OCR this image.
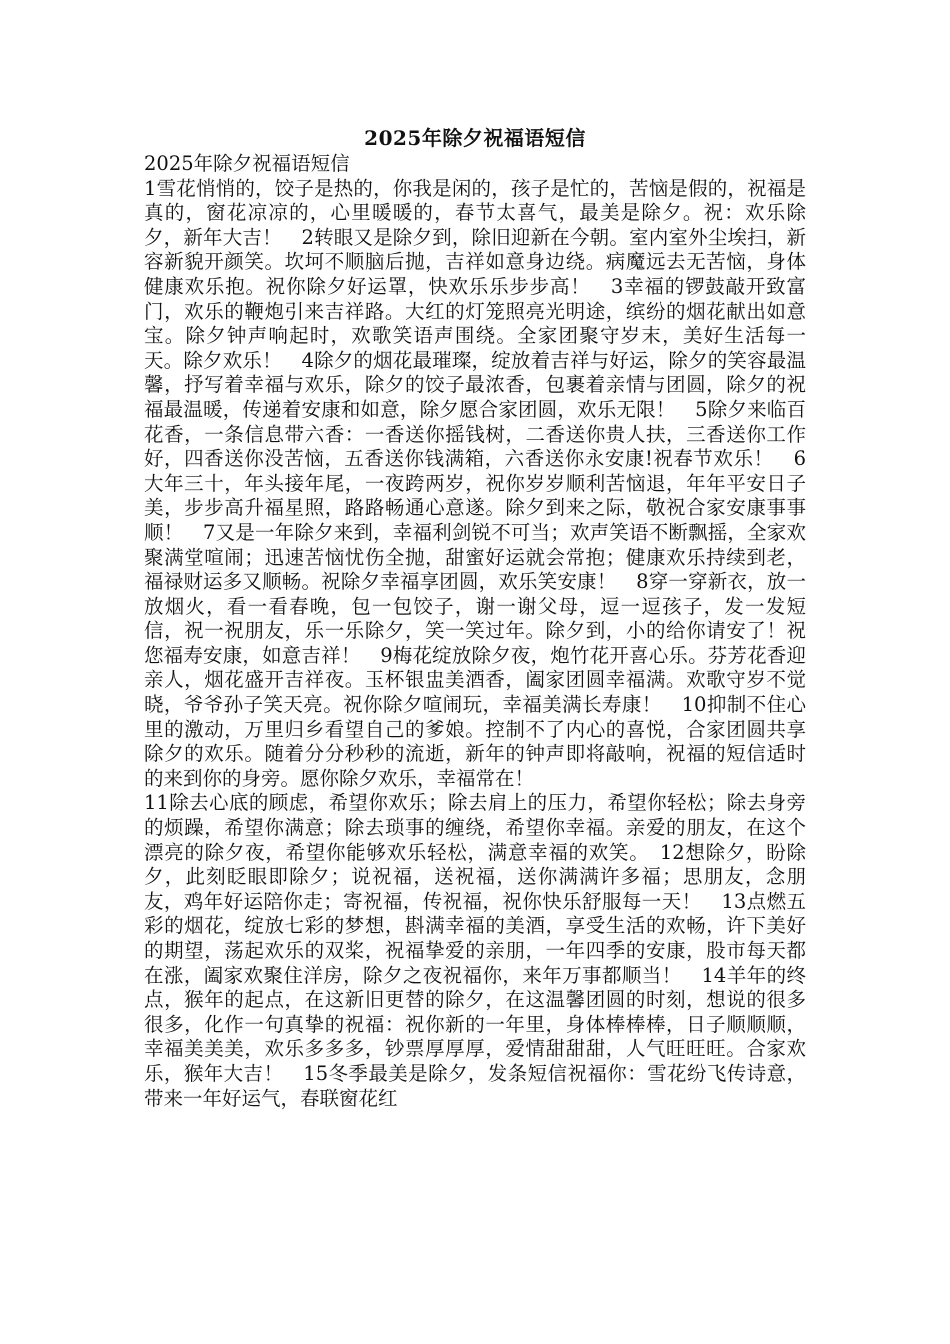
2025年除夕祝福语短信

2025年除夕祝福语短信

1雪花悄悄的，饺子是热的，你我是闲的，孩子是忙的，苦恼是假的，祝福是真的，窗花凉凉的，心里暖暖的，春节太喜气，最美是除夕。祝：欢乐除夕，新年大吉！　2转眼又是除夕到，除旧迎新在今朝。室内室外尘埃扫，新容新貌开颜笑。坎坷不顺脑后抛，吉祥如意身边绕。病魔远去无苦恼，身体健康欢乐抱。祝你除夕好运罩，快欢乐乐步步高！　3幸福的锣鼓敲开致富门，欢乐的鞭炮引来吉祥路。大红的灯笼照亮光明途，缤纷的烟花献出如意宝。除夕钟声响起时，欢歌笑语声围绕。全家团聚守岁末，美好生活每一天。除夕欢乐！　4除夕的烟花最璀璨，绽放着吉祥与好运，除夕的笑容最温馨，抒写着幸福与欢乐，除夕的饺子最浓香，包裹着亲情与团圆，除夕的祝福最温暖，传递着安康和如意，除夕愿合家团圆，欢乐无限！　5除夕来临百花香，一条信息带六香：一香送你摇钱树，二香送你贵人扶，三香送你工作好，四香送你没苦恼，五香送你钱满箱，六香送你永安康!祝春节欢乐！　6大年三十，年头接年尾，一夜跨两岁，祝你岁岁顺利苦恼退，年年平安日子美，步步高升福星照，路路畅通心意遂。除夕到来之际，敬祝合家安康事事顺！　7又是一年除夕来到，幸福利剑锐不可当；欢声笑语不断飘摇，全家欢聚满堂喧闹；迅速苦恼忧伤全抛，甜蜜好运就会常抱；健康欢乐持续到老，福禄财运多又顺畅。祝除夕幸福享团圆，欢乐笑安康！　8穿一穿新衣，放一放烟火，看一看春晚，包一包饺子，谢一谢父母，逗一逗孩子，发一发短信，祝一祝朋友，乐一乐除夕，笑一笑过年。除夕到，小的给你请安了！祝您福寿安康，如意吉祥！　9梅花绽放除夕夜，炮竹花开喜心乐。芬芳花香迎亲人，烟花盛开吉祥夜。玉杯银盅美酒香，阖家团圆幸福满。欢歌守岁不觉晓，爷爷孙子笑天亮。祝你除夕喧闹玩，幸福美满长寿康！　10抑制不住心里的激动，万里归乡看望自己的爹娘。控制不了内心的喜悦，合家团圆共享除夕的欢乐。随着分分秒秒的流逝，新年的钟声即将敲响，祝福的短信适时的来到你的身旁。愿你除夕欢乐，幸福常在！

11除去心底的顾虑，希望你欢乐；除去肩上的压力，希望你轻松；除去身旁的烦躁，希望你满意；除去琐事的缠绕，希望你幸福。亲爱的朋友，在这个漂亮的除夕夜，希望你能够欢乐轻松，满意幸福的欢笑。　12想除夕，盼除夕，此刻眨眼即除夕；说祝福，送祝福，送你满满许多福；思朋友，念朋友，鸡年好运陪你走；寄祝福，传祝福，祝你快乐舒服每一天！　13点燃五彩的烟花，绽放七彩的梦想，斟满幸福的美酒，享受生活的欢畅，许下美好的期望，荡起欢乐的双桨，祝福挚爱的亲朋，一年四季的安康，股市每天都在涨，阖家欢聚住洋房，除夕之夜祝福你，来年万事都顺当！　14羊年的终点，猴年的起点，在这新旧更替的除夕，在这温馨团圆的时刻，想说的很多很多，化作一句真挚的祝福：祝你新的一年里，身体棒棒棒，日子顺顺顺，幸福美美美，欢乐多多多，钞票厚厚厚，爱情甜甜甜，人气旺旺旺。合家欢乐，猴年大吉！　15冬季最美是除夕，发条短信祝福你：雪花纷飞传诗意，带来一年好运气，春联窗花红
